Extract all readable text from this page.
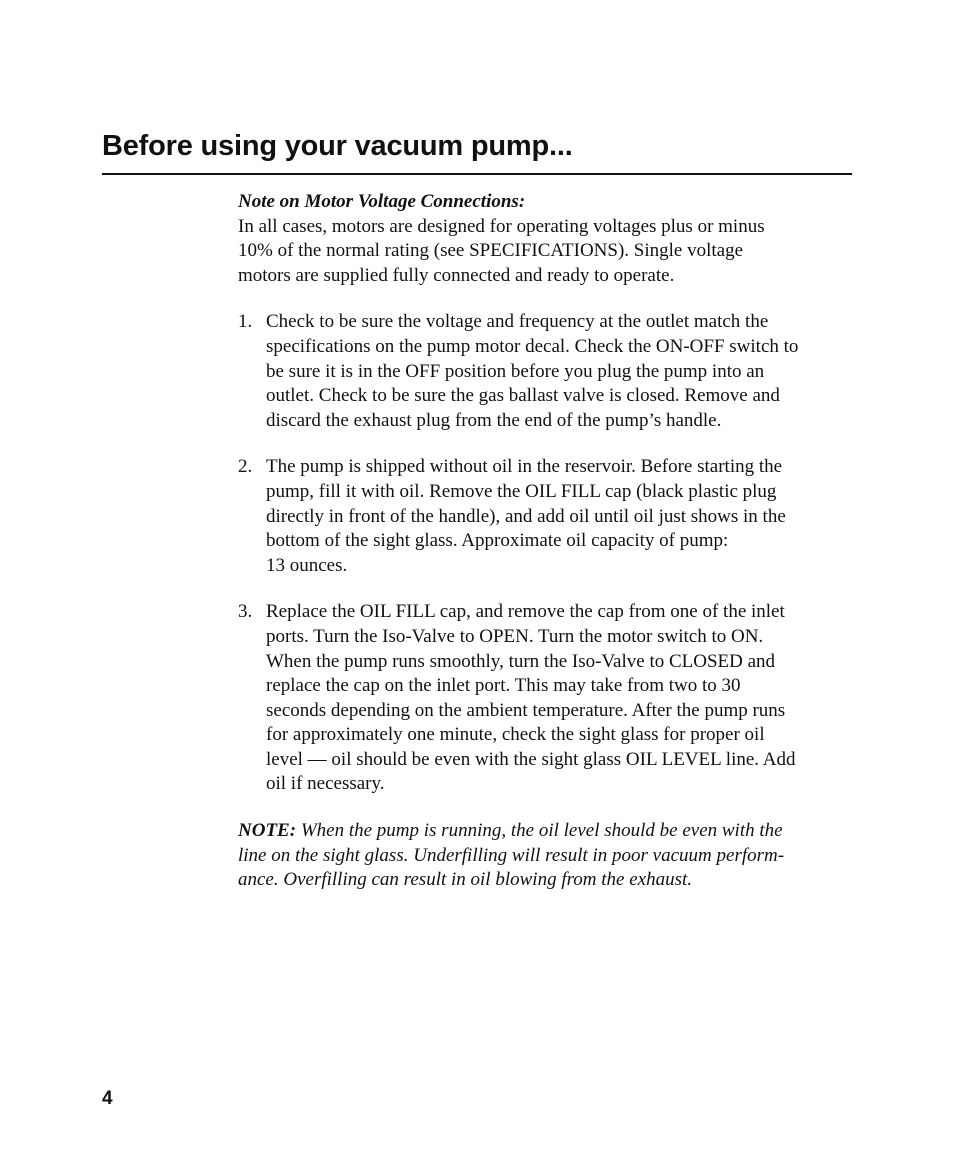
Before using your vacuum pump...
Note on Motor Voltage Connections:
In all cases, motors are designed for operating voltages plus or minus
10% of the normal rating (see SPECIFICATIONS). Single voltage
motors are supplied fully connected and ready to operate.
1. Check to be sure the voltage and frequency at the outlet match the
specifications on the pump motor decal. Check the ON-OFF switch to
be sure it is in the OFF position before you plug the pump into an
outlet. Check to be sure the gas ballast valve is closed. Remove and
discard the exhaust plug from the end of the pump’s handle.
2. The pump is shipped without oil in the reservoir. Before starting the
pump, fill it with oil. Remove the OIL FILL cap (black plastic plug
directly in front of the handle), and add oil until oil just shows in the
bottom of the sight glass. Approximate oil capacity of pump:
13 ounces.
3. Replace the OIL FILL cap, and remove the cap from one of the inlet
ports. Turn the Iso-Valve to OPEN. Turn the motor switch to ON.
When the pump runs smoothly, turn the Iso-Valve to CLOSED and
replace the cap on the inlet port. This may take from two to 30
seconds depending on the ambient temperature. After the pump runs
for approximately one minute, check the sight glass for proper oil
level — oil should be even with the sight glass OIL LEVEL line. Add
oil if necessary.
NOTE: When the pump is running, the oil level should be even with the
line on the sight glass. Underfilling will result in poor vacuum perform-
ance. Overfilling can result in oil blowing from the exhaust.
4
